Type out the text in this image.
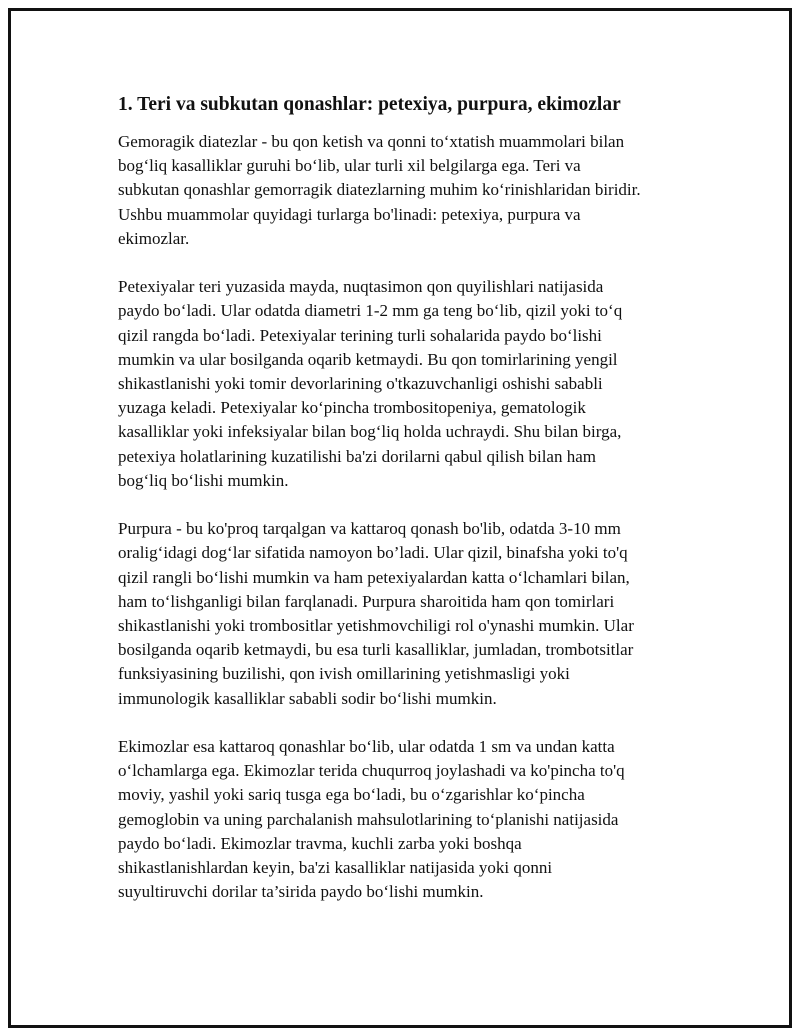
1. Teri va subkutan qonashlar: petexiya, purpura, ekimozlar

Gemoragik diatezlar - bu qon ketish va qonni to‘xtatish muammolari bilan
bog‘liq kasalliklar guruhi bo‘lib, ular turli xil belgilarga ega. Teri va
subkutan qonashlar gemorragik diatezlarning muhim ko‘rinishlaridan biridir.
Ushbu muammolar quyidagi turlarga bo'linadi: petexiya, purpura va
ekimozlar.

Petexiyalar teri yuzasida mayda, nuqtasimon qon quyilishlari natijasida
paydo bo‘ladi. Ular odatda diametri 1-2 mm ga teng bo‘lib, qizil yoki to‘q
qizil rangda bo‘ladi. Petexiyalar terining turli sohalarida paydo bo‘lishi
mumkin va ular bosilganda oqarib ketmaydi. Bu qon tomirlarining yengil
shikastlanishi yoki tomir devorlarining o'tkazuvchanligi oshishi sababli
yuzaga keladi. Petexiyalar ko‘pincha trombositopeniya, gematologik
kasalliklar yoki infeksiyalar bilan bog‘liq holda uchraydi. Shu bilan birga,
petexiya holatlarining kuzatilishi ba'zi dorilarni qabul qilish bilan ham
bog‘liq bo‘lishi mumkin.

Purpura - bu ko'proq tarqalgan va kattaroq qonash bo'lib, odatda 3-10 mm
oralig‘idagi dog‘lar sifatida namoyon bo’ladi. Ular qizil, binafsha yoki to'q
qizil rangli bo‘lishi mumkin va ham petexiyalardan katta o‘lchamlari bilan,
ham to‘lishganligi bilan farqlanadi. Purpura sharoitida ham qon tomirlari
shikastlanishi yoki trombositlar yetishmovchiligi rol o'ynashi mumkin. Ular
bosilganda oqarib ketmaydi, bu esa turli kasalliklar, jumladan, trombotsitlar
funksiyasining buzilishi, qon ivish omillarining yetishmasligi yoki
immunologik kasalliklar sababli sodir bo‘lishi mumkin.

Ekimozlar esa kattaroq qonashlar bo‘lib, ular odatda 1 sm va undan katta
o‘lchamlarga ega. Ekimozlar terida chuqurroq joylashadi va ko'pincha to'q
moviy, yashil yoki sariq tusga ega bo‘ladi, bu o‘zgarishlar ko‘pincha
gemoglobin va uning parchalanish mahsulotlarining to‘planishi natijasida
paydo bo‘ladi. Ekimozlar travma, kuchli zarba yoki boshqa
shikastlanishlardan keyin, ba'zi kasalliklar natijasida yoki qonni
suyultiruvchi dorilar ta’sirida paydo bo‘lishi mumkin.
